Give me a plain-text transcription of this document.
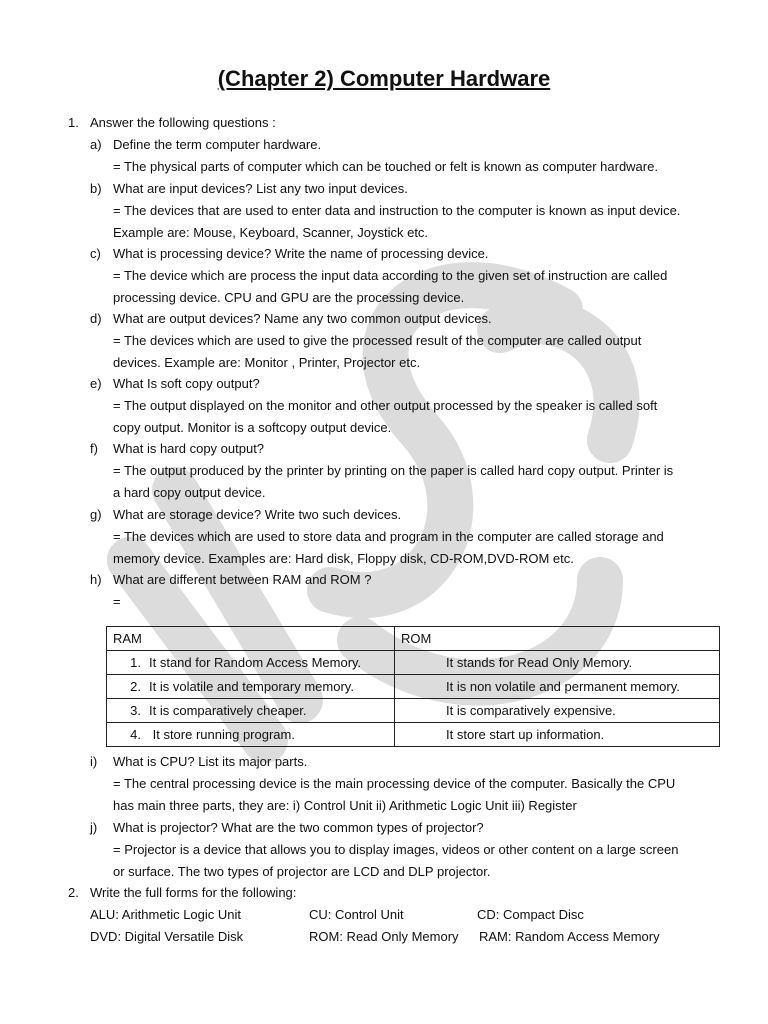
(Chapter 2) Computer Hardware
1. Answer the following questions :
a) Define the term computer hardware.
= The physical parts of computer which can be touched or felt is known as computer hardware.
b) What are input devices? List any two input devices.
= The devices that are used to enter data and instruction to the computer is known as input device.
Example are: Mouse, Keyboard, Scanner, Joystick etc.
c) What is processing device? Write the name of processing device.
= The device which are process the input data according to the given set of instruction are called
processing device. CPU and GPU are the processing device.
d) What are output devices? Name any two common output devices.
= The devices which are used to give the processed result of the computer are called output
devices. Example are: Monitor , Printer, Projector etc.
e) What Is soft copy output?
= The output displayed on the monitor and other output processed by the speaker is called soft
copy output. Monitor is a softcopy output device.
f) What is hard copy output?
= The output produced by the printer by printing on the paper is called hard copy output. Printer is
a hard copy output device.
g) What are storage device? Write two such devices.
= The devices which are used to store data and program in the computer are called storage and
memory device. Examples are: Hard disk, Floppy disk, CD-ROM,DVD-ROM etc.
h) What are different between RAM and ROM ?
=
RAM	ROM
1. It stand for Random Access Memory.	It stands for Read Only Memory.
2. It is volatile and temporary memory.	It is non volatile and permanent memory.
3. It is comparatively cheaper.	It is comparatively expensive.
4. It store running program.	It store start up information.
i) What is CPU? List its major parts.
= The central processing device is the main processing device of the computer. Basically the CPU
has main three parts, they are: i) Control Unit ii) Arithmetic Logic Unit iii) Register
j) What is projector? What are the two common types of projector?
= Projector is a device that allows you to display images, videos or other content on a large screen
or surface. The two types of projector are LCD and DLP projector.
2. Write the full forms for the following:
ALU: Arithmetic Logic Unit	CU: Control Unit	CD: Compact Disc
DVD: Digital Versatile Disk	ROM: Read Only Memory RAM: Random Access Memory
